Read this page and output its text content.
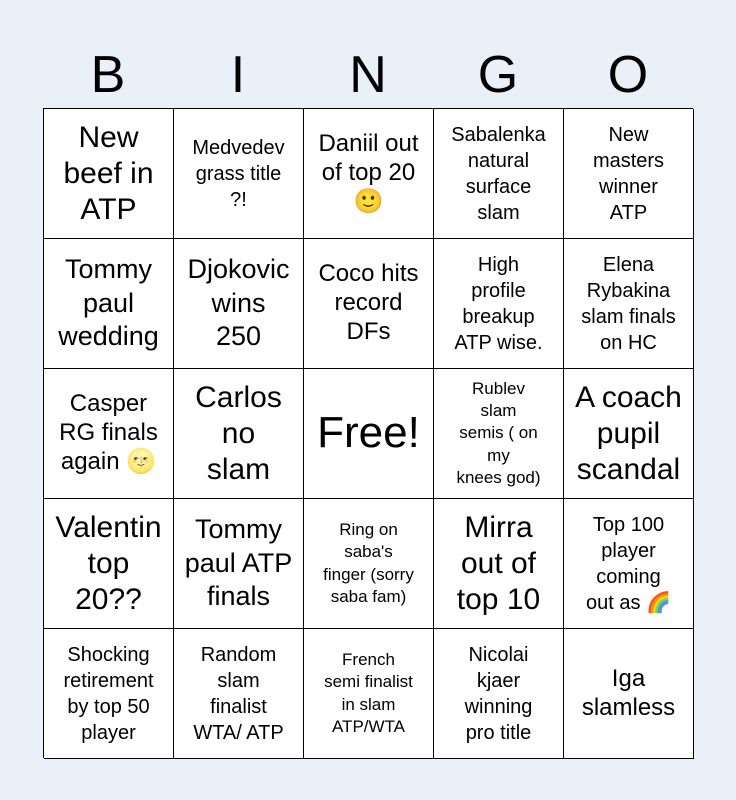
B	I	N	G	O
New
beef in
ATP
Medvedev
grass title
?!
Daniil out
of top 20
🙂
Sabalenka
natural
surface
slam
New
masters
winner
ATP
Tommy
paul
wedding
Djokovic
wins
250
Coco hits
record
DFs
High
profile
breakup
ATP wise.
Elena
Rybakina
slam finals
on HC
Casper
RG finals
again 🌝
Carlos
no
slam
Free!
Rublev
slam
semis ( on
my
knees god)
A coach
pupil
scandal
Valentin
top
20??
Tommy
paul ATP
finals
Ring on
saba's
finger (sorry
saba fam)
Mirra
out of
top 10
Top 100
player
coming
out as 🌈
Shocking
retirement
by top 50
player
Random
slam
finalist
WTA/ ATP
French
semi finalist
in slam
ATP/WTA
Nicolai
kjaer
winning
pro title
Iga
slamless
